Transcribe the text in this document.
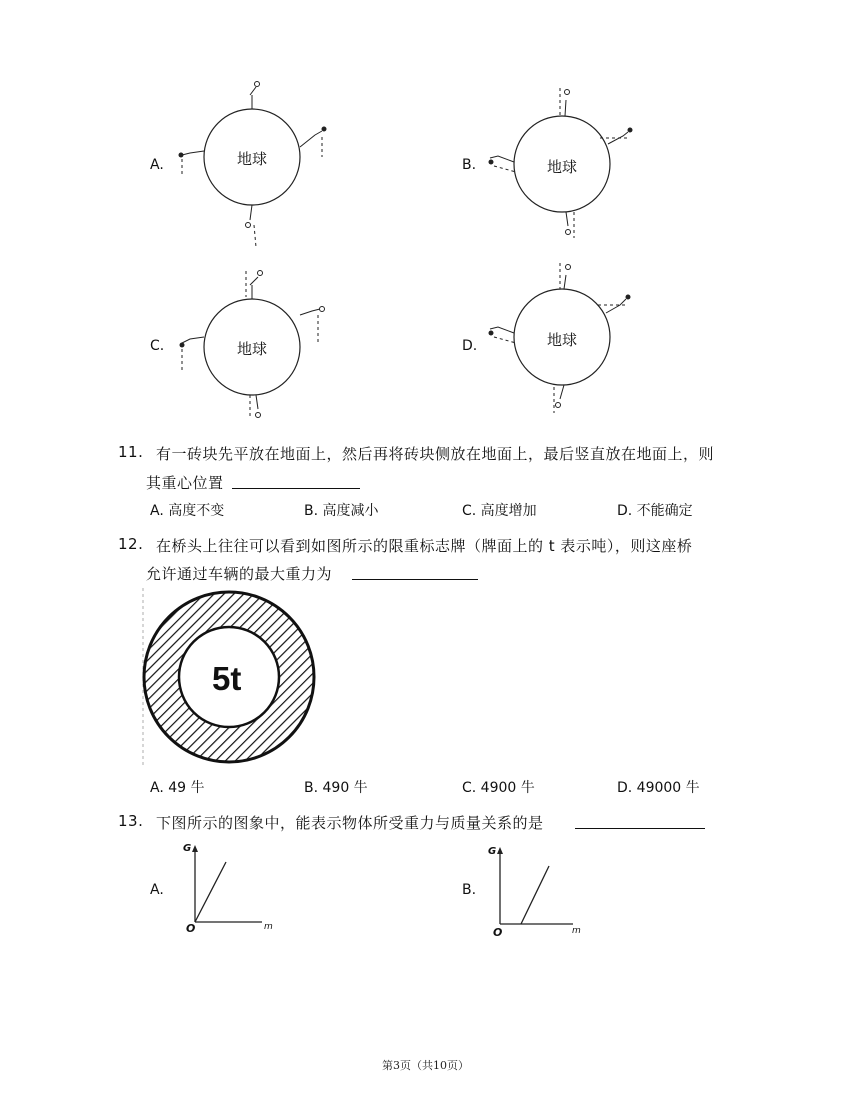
A.	地球	B.	地球
C.	地球	D.	地球
11. 有一砖块先平放在地面上，然后再将砖块侧放在地面上，最后竖直放在地面上，则
其重心位置
A. 高度不变	B. 高度减小	C. 高度增加	D. 不能确定
12. 在桥头上往往可以看到如图所示的限重标志牌（牌面上的 t 表示吨），则这座桥
允许通过车辆的最大重力为
5t
A. 49 牛	B. 490 牛	C. 4900 牛	D. 49000 牛
13. 下图所示的图象中，能表示物体所受重力与质量关系的是
A.
G
O	m
B.
G
O	m
第3页（共10页）
